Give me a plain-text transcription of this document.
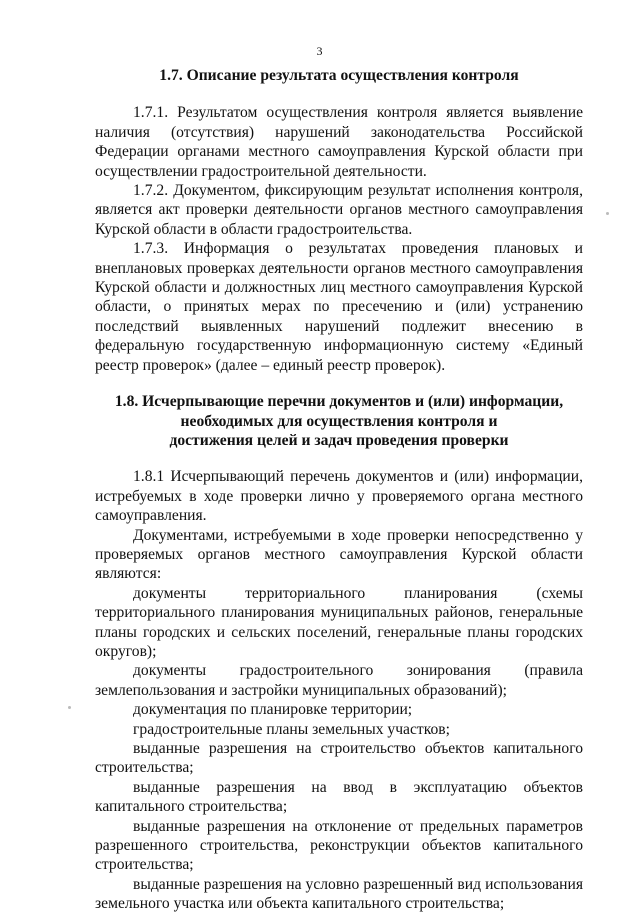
3
1.7. Описание результата осуществления контроля

1.7.1. Результатом осуществления контроля является выявление наличия (отсутствия) нарушений законодательства Российской Федерации органами местного самоуправления Курской области при осуществлении градостроительной деятельности.

1.7.2. Документом, фиксирующим результат исполнения контроля, является акт проверки деятельности органов местного самоуправления Курской области в области градостроительства.

1.7.3. Информация о результатах проведения плановых и внеплановых проверках деятельности органов местного самоуправления Курской области и должностных лиц местного самоуправления Курской области, о принятых мерах по пресечению и (или) устранению последствий выявленных нарушений подлежит внесению в федеральную государственную информационную систему «Единый реестр проверок» (далее – единый реестр проверок).

1.8. Исчерпывающие перечни документов и (или) информации,
необходимых для осуществления контроля и
достижения целей и задач проведения проверки

1.8.1 Исчерпывающий перечень документов и (или) информации, истребуемых в ходе проверки лично у проверяемого органа местного самоуправления.

Документами, истребуемыми в ходе проверки непосредственно у проверяемых органов местного самоуправления Курской области являются:

документы территориального планирования (схемы территориального планирования муниципальных районов, генеральные планы городских и сельских поселений, генеральные планы городских округов);

документы градостроительного зонирования (правила землепользования и застройки муниципальных образований);

документация по планировке территории;

градостроительные планы земельных участков;

выданные разрешения на строительство объектов капитального строительства;

выданные разрешения на ввод в эксплуатацию объектов капитального строительства;

выданные разрешения на отклонение от предельных параметров разрешенного строительства, реконструкции объектов капитального строительства;

выданные разрешения на условно разрешенный вид использования земельного участка или объекта капитального строительства;
